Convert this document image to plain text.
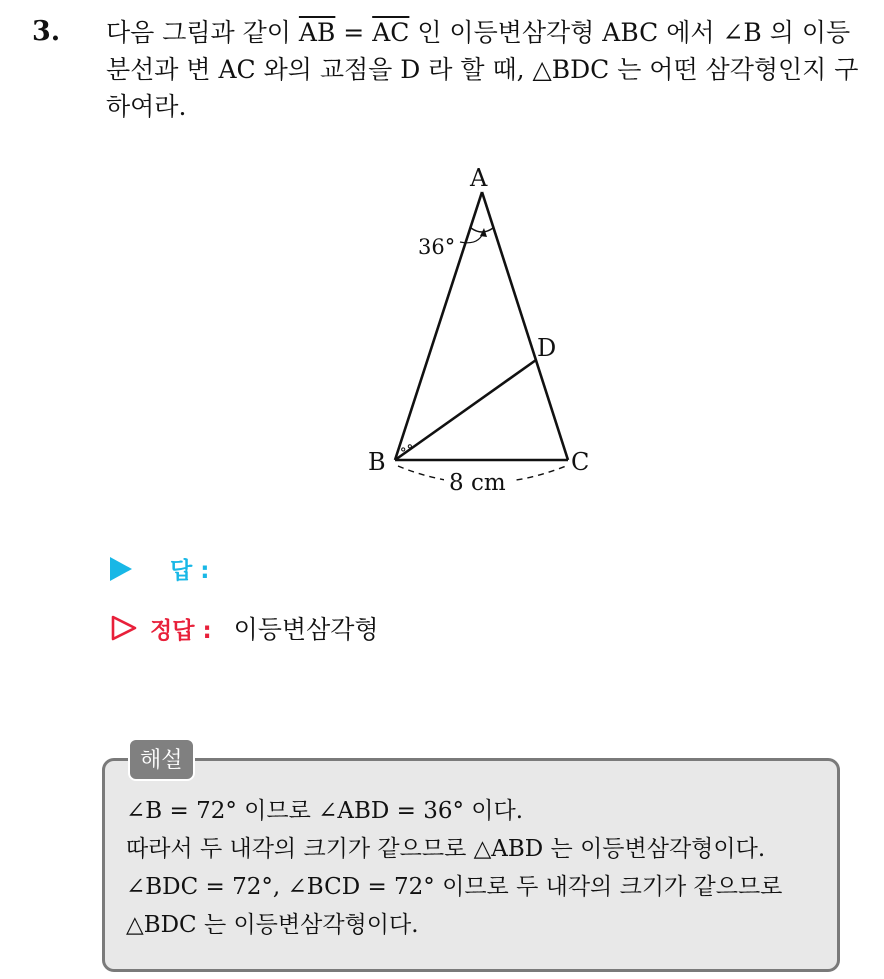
3. 다음 그림과 같이 $\overline{AB} = \overline{AC}$ 인 이등변삼각형 ABC 에서 ∠B 의 이등분선과 변 AC 와의 교점을 D 라 할 때, △BDC 는 어떤 삼각형인지 구하여라.
A
B	C
D
36°
8 cm
∘∘
답 :
정답 : 이등변삼각형
해설
∠B = 72° 이므로 ∠ABD = 36° 이다.
따라서 두 내각의 크기가 같으므로 △ABD 는 이등변삼각형이다.
∠BDC = 72°, ∠BCD = 72° 이므로 두 내각의 크기가 같으므로
△BDC 는 이등변삼각형이다.
